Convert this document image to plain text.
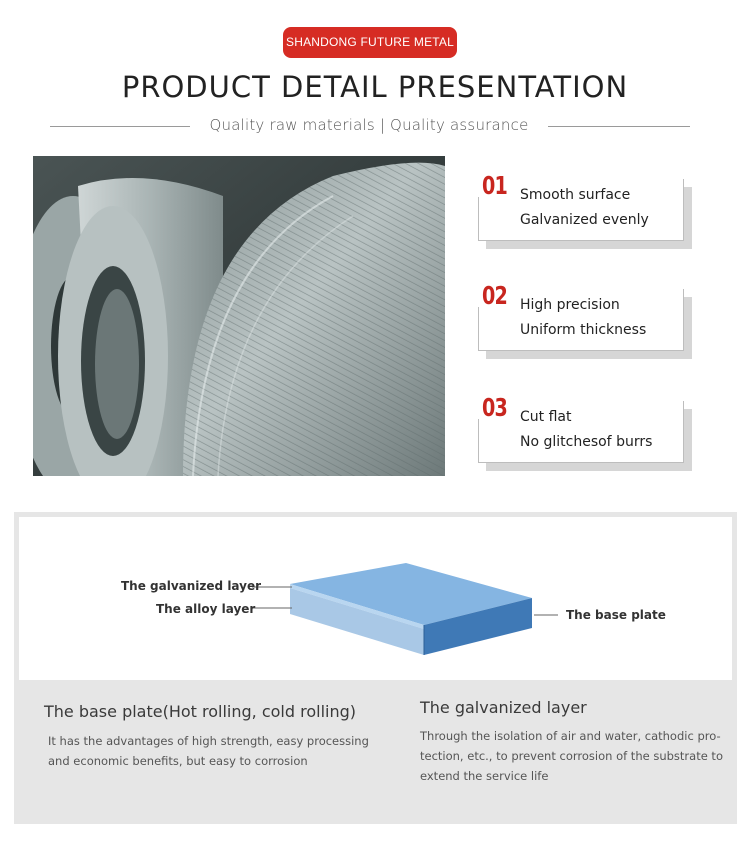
SHANDONG FUTURE METAL
PRODUCT DETAIL PRESENTATION
Quality raw materials | Quality assurance
01 Smooth surface
Galvanized evenly
02 High precision
Uniform thickness
03 Cut flat
No glitchesof burrs
The galvanized layer
The alloy layer	The base plate
The base plate(Hot rolling, cold rolling)
It has the advantages of high strength, easy processing
and economic benefits, but easy to corrosion
The galvanized layer
Through the isolation of air and water, cathodic pro-
tection, etc., to prevent corrosion of the substrate to
extend the service life
